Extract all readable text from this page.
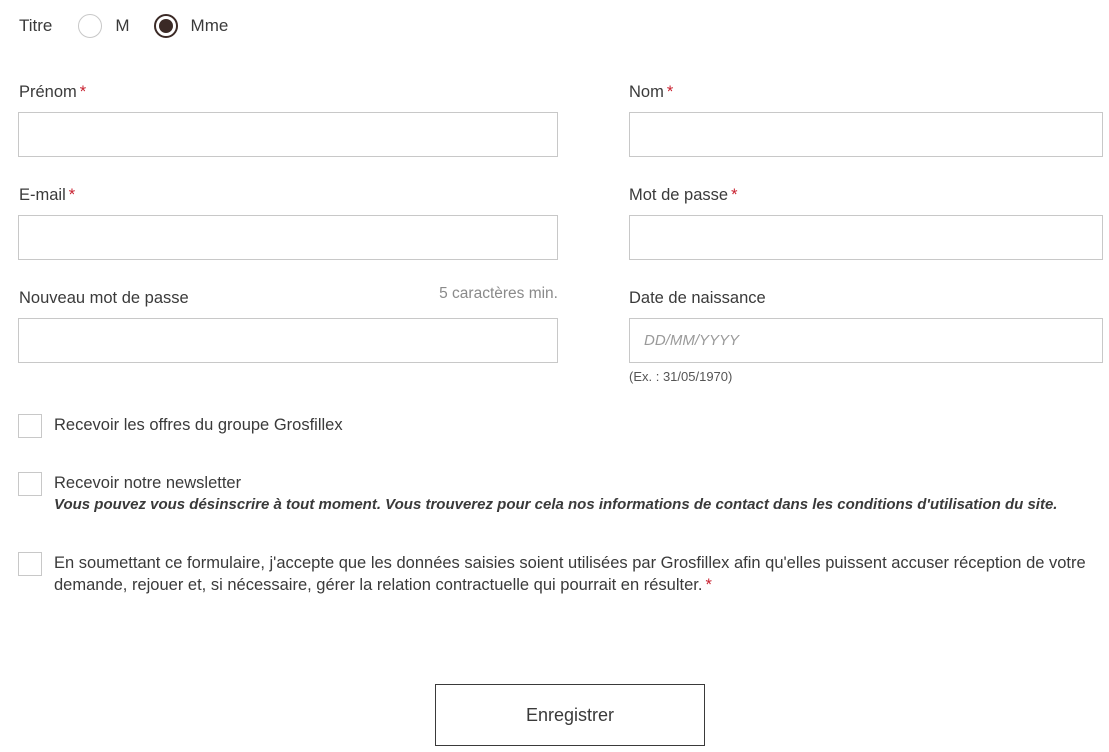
Titre	M	Mme
Prénom *	Nom *
E-mail *	Mot de passe *
Nouveau mot de passe	5 caractères min.	Date de naissance
DD/MM/YYYY
(Ex. : 31/05/1970)
Recevoir les offres du groupe Grosfillex
Recevoir notre newsletter
Vous pouvez vous désinscrire à tout moment. Vous trouverez pour cela nos informations de contact dans les conditions d'utilisation du site.
En soumettant ce formulaire, j'accepte que les données saisies soient utilisées par Grosfillex afin qu'elles puissent accuser réception de votre demande, rejouer et, si nécessaire, gérer la relation contractuelle qui pourrait en résulter. *
Enregistrer
